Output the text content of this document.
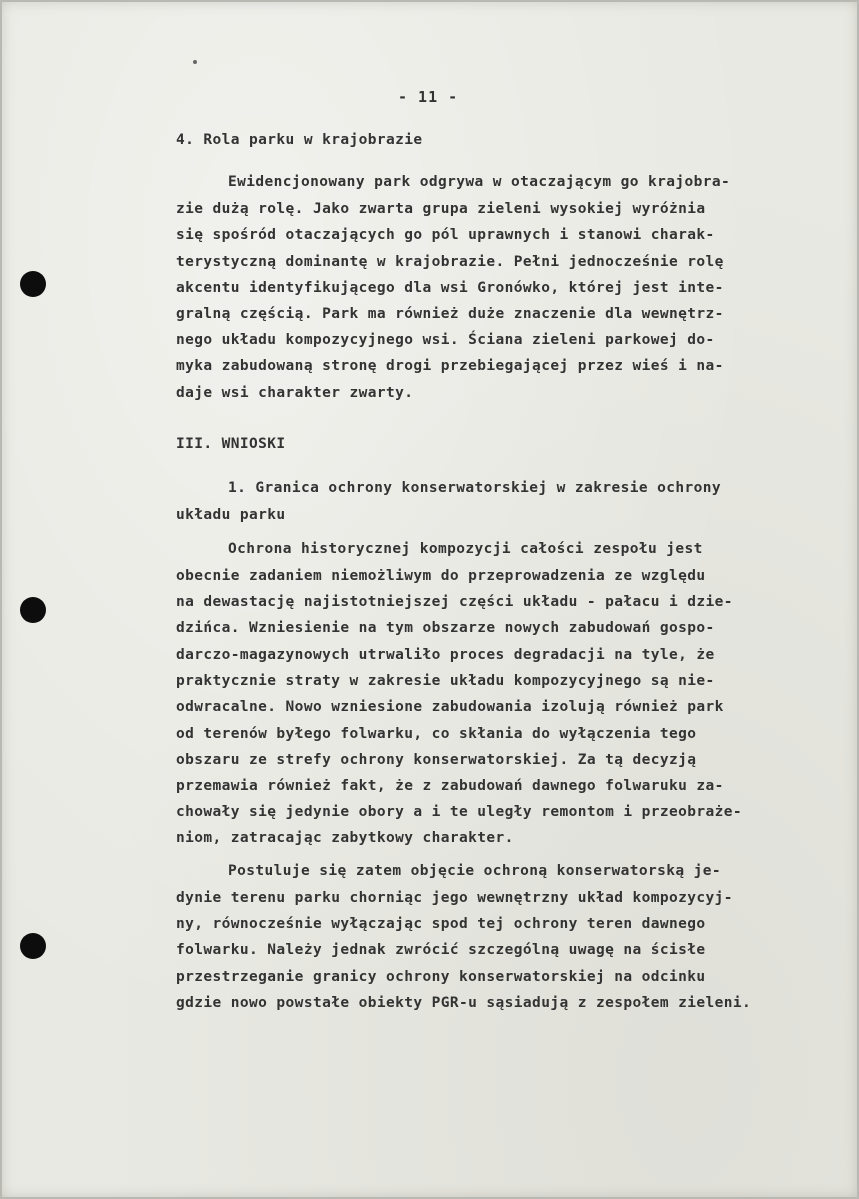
- 11 -
4. Rola parku w krajobrazie
Ewidencjonowany park odgrywa w otaczającym go krajobra-
zie dużą rolę. Jako zwarta grupa zieleni wysokiej wyróżnia
się spośród otaczających go pól uprawnych i stanowi charak-
terystyczną dominantę w krajobrazie. Pełni jednocześnie rolę
akcentu identyfikującego dla wsi Gronówko, której jest inte-
gralną częścią. Park ma również duże znaczenie dla wewnętrz-
nego układu kompozycyjnego wsi. Ściana zieleni parkowej do-
myka zabudowaną stronę drogi przebiegającej przez wieś i na-
daje wsi charakter zwarty.
III. WNIOSKI
1. Granica ochrony konserwatorskiej w zakresie ochrony
układu parku
Ochrona historycznej kompozycji całości zespołu jest
obecnie zadaniem niemożliwym do przeprowadzenia ze względu
na dewastację najistotniejszej części układu - pałacu i dzie-
dzińca. Wzniesienie na tym obszarze nowych zabudowań gospo-
darczo-magazynowych utrwaliło proces degradacji na tyle, że
praktycznie straty w zakresie układu kompozycyjnego są nie-
odwracalne. Nowo wzniesione zabudowania izolują również park
od terenów byłego folwarku, co skłania do wyłączenia tego
obszaru ze strefy ochrony konserwatorskiej. Za tą decyzją
przemawia również fakt, że z zabudowań dawnego folwaruku za-
chowały się jedynie obory a i te uległy remontom i przeobraże-
niom, zatracając zabytkowy charakter.
Postuluje się zatem objęcie ochroną konserwatorską je-
dynie terenu parku chorniąc jego wewnętrzny układ kompozycyj-
ny, równocześnie wyłączając spod tej ochrony teren dawnego
folwarku. Należy jednak zwrócić szczególną uwagę na ścisłe
przestrzeganie granicy ochrony konserwatorskiej na odcinku
gdzie nowo powstałe obiekty PGR-u sąsiadują z zespołem zieleni.
